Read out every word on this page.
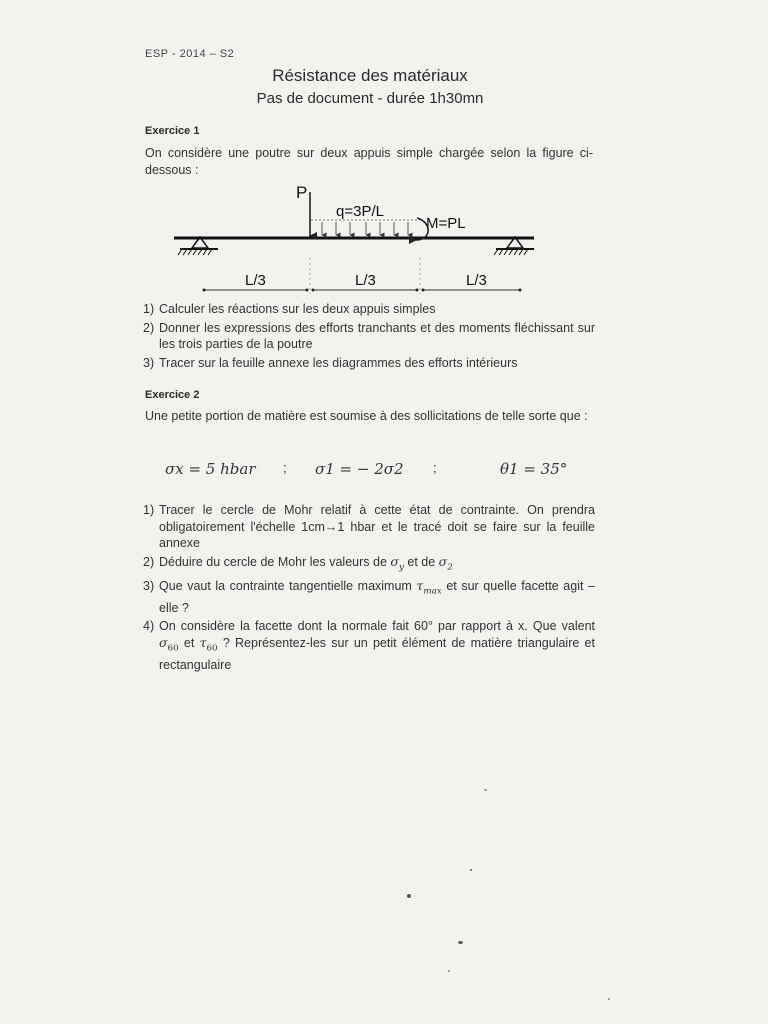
ESP - 2014 – S2
Résistance des matériaux
Pas de document - durée 1h30mn
Exercice 1
On considère une poutre sur deux appuis simple chargée selon la figure ci-dessous :
P
q=3P/L
M=PL
L/3	L/3	L/3
1) Calculer les réactions sur les deux appuis simples
2) Donner les expressions des efforts tranchants et des moments fléchissant sur les trois parties de la poutre
3) Tracer sur la feuille annexe les diagrammes des efforts intérieurs
Exercice 2
Une petite portion de matière est soumise à des sollicitations de telle sorte que :
σx = 5 hbar ; σ1 = − 2σ2 ;	θ1 = 35°
1) Tracer le cercle de Mohr relatif à cette état de contrainte. On prendra obligatoirement l'échelle 1cm→1 hbar et le tracé doit se faire sur la feuille annexe
2) Déduire du cercle de Mohr les valeurs de $\sigma_y$ et de $\sigma_2$
3) Que vaut la contrainte tangentielle maximum $\tau_{max}$ et sur quelle facette agit – elle ?
4) On considère la facette dont la normale fait 60° par rapport à x. Que valent $\sigma_{60}$ et $\tau_{60}$ ? Représentez-les sur un petit élément de matière triangulaire et rectangulaire
